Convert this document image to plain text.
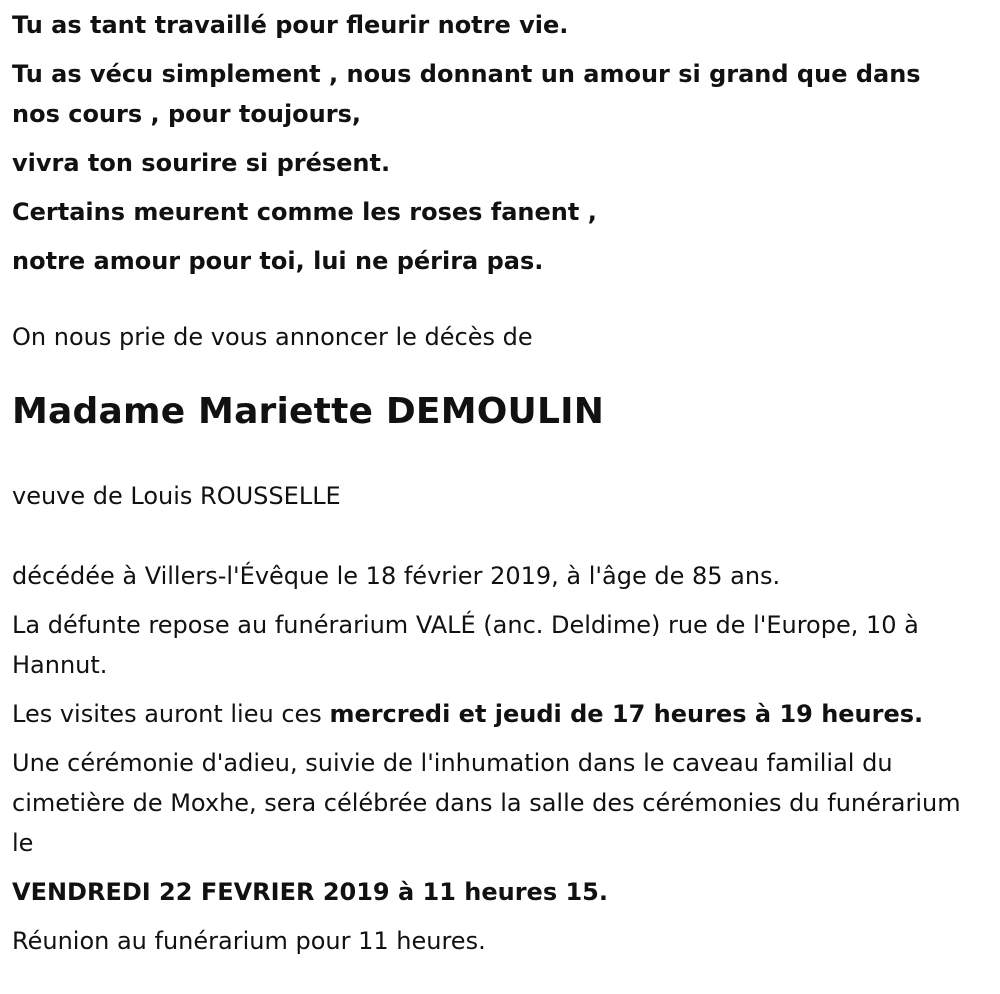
Tu as tant travaillé pour fleurir notre vie.

Tu as vécu simplement , nous donnant un amour si grand que dans nos cours , pour toujours,

vivra ton sourire si présent.

Certains meurent comme les roses fanent ,

notre amour pour toi, lui ne périra pas.

On nous prie de vous annoncer le décès de

Madame Mariette DEMOULIN

veuve de Louis ROUSSELLE

décédée à Villers-l'Évêque le 18 février 2019, à l'âge de 85 ans.

La défunte repose au funérarium VALÉ (anc. Deldime) rue de l'Europe, 10 à Hannut.

Les visites auront lieu ces mercredi et jeudi de 17 heures à 19 heures.

Une cérémonie d'adieu, suivie de l'inhumation dans le caveau familial du cimetière de Moxhe, sera célébrée dans la salle des cérémonies du funérarium le

VENDREDI 22 FEVRIER 2019 à 11 heures 15.

Réunion au funérarium pour 11 heures.
